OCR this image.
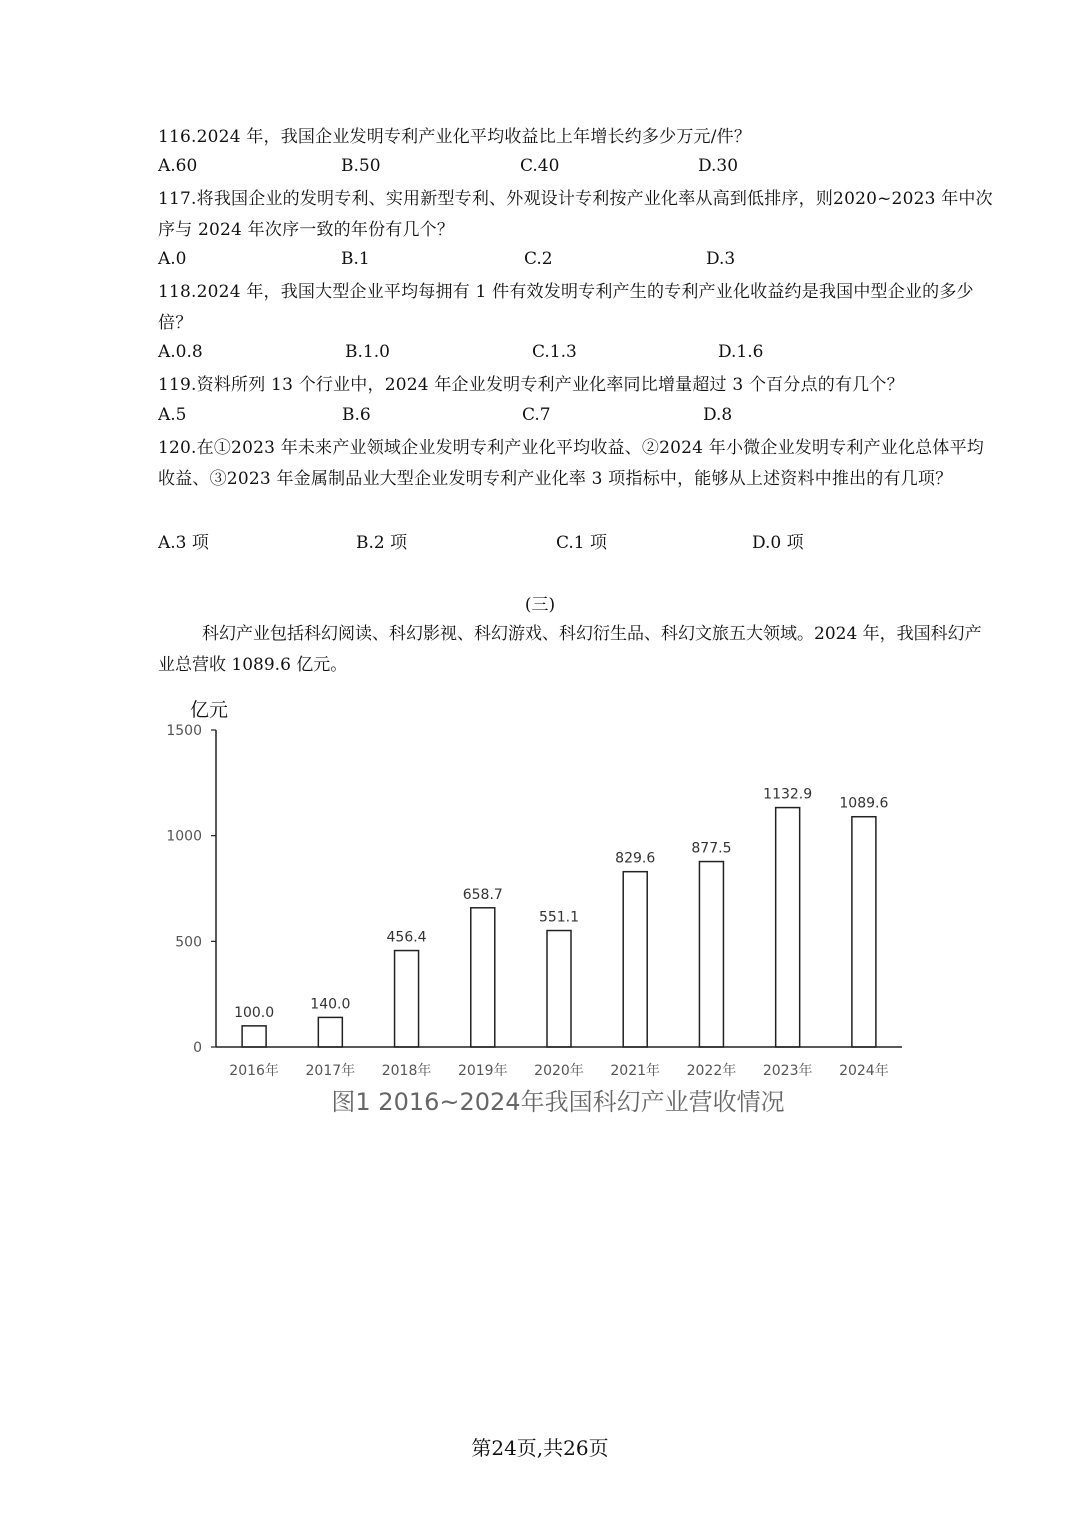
116.2024 年，我国企业发明专利产业化平均收益比上年增长约多少万元/件？
A.60	B.50	C.40	D.30
117.将我国企业的发明专利、实用新型专利、外观设计专利按产业化率从高到低排序，则2020~2023 年中次序与 2024 年次序一致的年份有几个？
A.0	B.1	C.2	D.3
118.2024 年，我国大型企业平均每拥有 1 件有效发明专利产生的专利产业化收益约是我国中型企业的多少倍？
A.0.8	B.1.0	C.1.3	D.1.6
119.资料所列 13 个行业中，2024 年企业发明专利产业化率同比增量超过 3 个百分点的有几个？
A.5	B.6	C.7	D.8
120.在①2023 年未来产业领域企业发明专利产业化平均收益、②2024 年小微企业发明专利产业化总体平均收益、③2023 年金属制品业大型企业发明专利产业化率 3 项指标中，能够从上述资料中推出的有几项？
A.3 项	B.2 项	C.1 项	D.0 项
(三)
科幻产业包括科幻阅读、科幻影视、科幻游戏、科幻衍生品、科幻文旅五大领域。2024 年，我国科幻产业总营收 1089.6 亿元。
亿元
0
500
1000
1500
100.0
140.0
456.4
658.7
551.1
829.6
877.5
1132.9
1089.6
2016年 2017年 2018年 2019年 2020年 2021年 2022年 2023年 2024年
图1 2016~2024年我国科幻产业营收情况
第24页,共26页
